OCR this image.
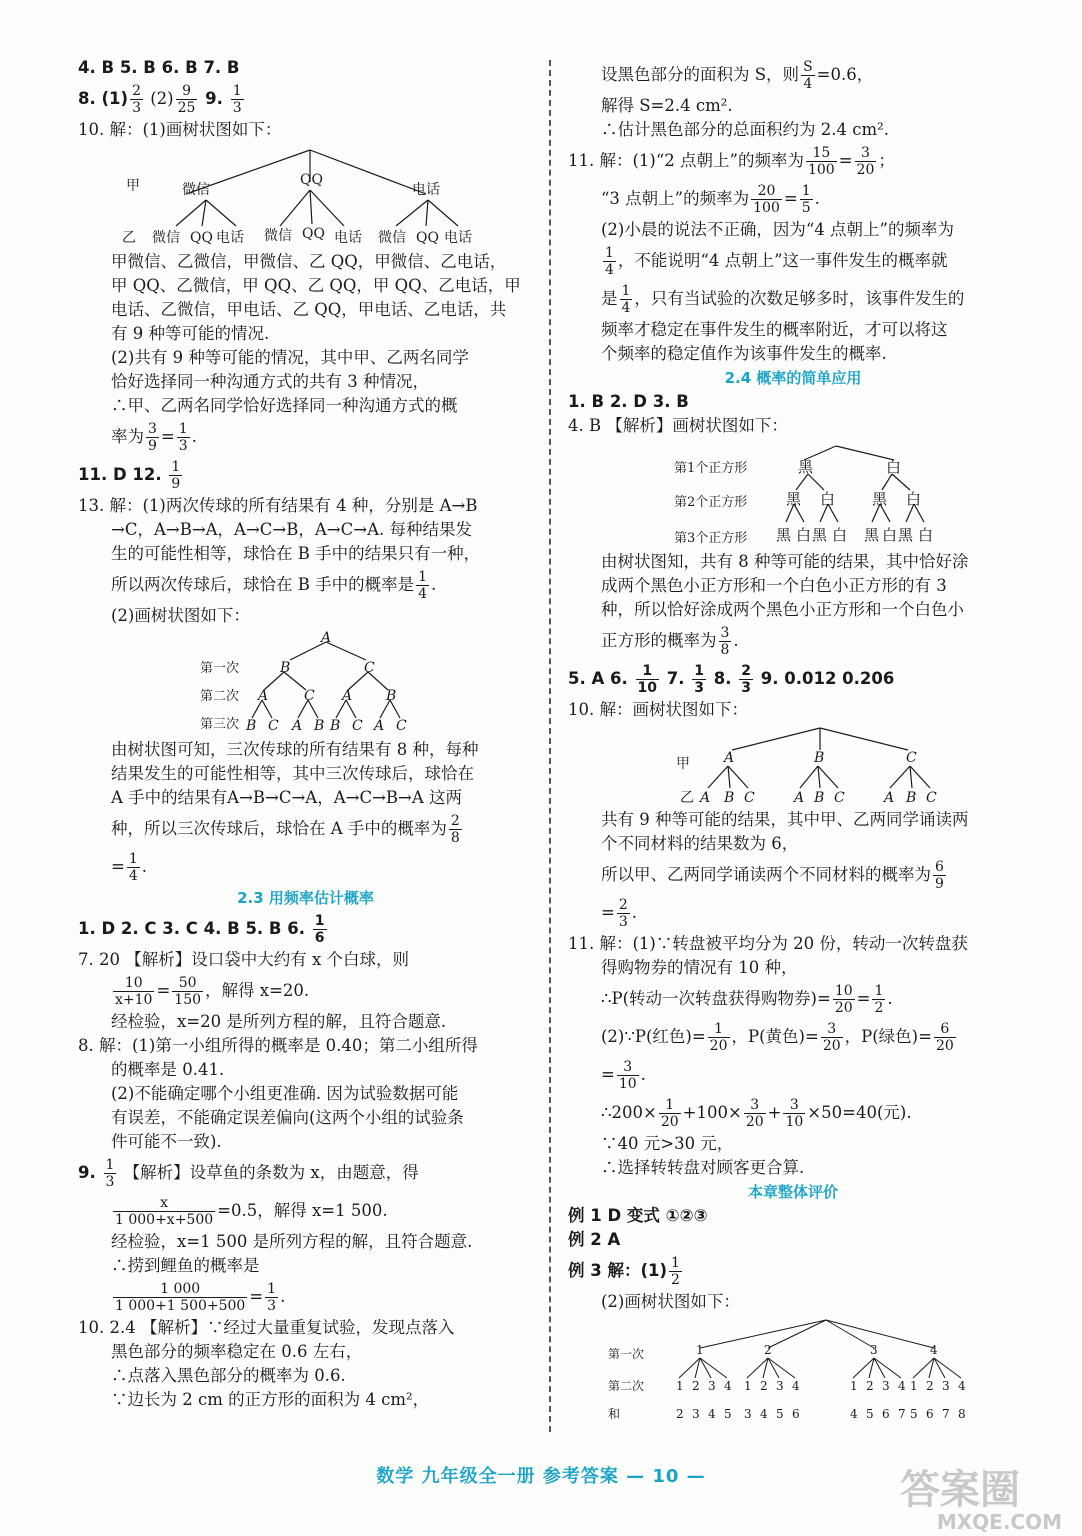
4. B 5. B 6. B 7. B
8. $(1) \frac{2}{3} (2) \frac{9}{25} 9$. $\frac{1}{3}$
10. 解：(1)画树状图如下：
甲	微信
QQ
电话
乙 微信 QQ 电话 微信 QQ 电话 微信 QQ 电话
甲微信、乙微信，甲微信、乙 QQ，甲微信、乙电话，
甲 QQ、乙微信，甲 QQ、乙 QQ，甲 QQ、乙电话，甲
电话、乙微信，甲电话、乙 QQ，甲电话、乙电话，共
有 9 种等可能的情况.
(2)共有 9 种等可能的情况，其中甲、乙两名同学
恰好选择同一种沟通方式的共有 3 种情况，
∴甲、乙两名同学恰好选择同一种沟通方式的概
率为 $\frac{3}{9} = \frac{1}{3}$ .
11. D 12. $\frac{1}{9}$
13. 解：(1)两次传球的所有结果有 4 种，分别是 A→B
→C，A→B→A，A→C→B，A→C→A. 每种结果发
生的可能性相等，球恰在 B 手中的结果只有一种，
所以两次传球后，球恰在 B 手中的概率是 $\frac{1}{4}$ .
(2)画树状图如下：
第一次
第二次
第三次
A
B	C
A	C A B
B C A B B C A C
由树状图可知，三次传球的所有结果有 8 种，每种
结果发生的可能性相等，其中三次传球后，球恰在
A 手中的结果有A→B→C→A，A→C→B→A 这两
种，所以三次传球后，球恰在 A 手中的概率为 $\frac{2}{8}$
= $\frac{1}{4}$ .
2.3 用频率估计概率
1. D 2. C 3. C 4. B 5. B 6. $\frac{1}{6}$
7. 20 【解析】设口袋中大约有 x 个白球，则
$\frac{10}{x+10} = \frac{50}{150}$ ，解得 x=20.
经检验，x=20 是所列方程的解，且符合题意.
8. 解：(1)第一小组所得的概率是 0.40；第二小组所得
的概率是 0.41.
(2)不能确定哪个小组更准确. 因为试验数据可能
有误差，不能确定误差偏向(这两个小组的试验条
件可能不一致).
9. $\frac{1}{3}$ 【解析】设草鱼的条数为 x，由题意，得
$\frac{x}{1 000+x+500} =0.5$，解得 x=1 500.
经检验，x=1 500 是所列方程的解，且符合题意.
∴捞到鲤鱼的概率是
$\frac{1 000}{1 000+1 500+500} = \frac{1}{3}$ .
10. 2.4 【解析】∵经过大量重复试验，发现点落入
黑色部分的频率稳定在 0.6 左右，
∴点落入黑色部分的概率为 0.6.
∵边长为 2 cm 的正方形的面积为 4 cm²，
设黑色部分的面积为 S，则 $\frac{S}{4} =0.6$，
解得 S=2.4 cm².
∴估计黑色部分的总面积约为 2.4 cm².
11. 解：(1)“2 点朝上”的频率为 $\frac{15}{100} = \frac{3}{20}$ ；
“3 点朝上”的频率为 $\frac{20}{100} = \frac{1}{5}$ .
(2)小晨的说法不正确，因为“4 点朝上”的频率为
$\frac{1}{4}$ ，不能说明“4 点朝上”这一事件发生的概率就
是 $\frac{1}{4}$ ，只有当试验的次数足够多时，该事件发生的
频率才稳定在事件发生的概率附近，才可以将这
个频率的稳定值作为该事件发生的概率.
2.4 概率的简单应用
1. B 2. D 3. B
4. B 【解析】画树状图如下：
第1个正方形
第2个正方形
第3个正方形
黑	白
黑 白 黑 白
黑 白 黑 白 黑 白 黑 白
由树状图知，共有 8 种等可能的结果，其中恰好涂
成两个黑色小正方形和一个白色小正方形的有 3
种，所以恰好涂成两个黑色小正方形和一个白色小
正方形的概率为 $\frac{3}{8}$ .
5. A 6. $\frac{1}{10} 7$. $\frac{1}{3} 8$. $\frac{2}{3} 9$. 0.012 0.206
10. 解：画树状图如下：
甲 A	B	C
乙 A B C	A B C	A B C
共有 9 种等可能的结果，其中甲、乙两同学诵读两
个不同材料的结果数为 6，
所以甲、乙两同学诵读两个不同材料的概率为 $\frac{6}{9}$
= $\frac{2}{3}$ .
11. 解：(1)∵转盘被平均分为 20 份，转动一次转盘获
得购物券的情况有 10 种，
∴P(转动一次转盘获得购物券)= $\frac{10}{20} = \frac{1}{2}$ .
(2)∵P(红色)= $\frac{1}{20}$ ，P(黄色)= $\frac{3}{20}$ ，P(绿色)= $\frac{6}{20}$
= $\frac{3}{10}$ .
∴200× $\frac{1}{20} +100\times \frac{3}{20} + \frac{3}{10} \times 50=40$(元).
∵40 元>30 元，
∴选择转转盘对顾客更合算.
本章整体评价
例 1 D 变式 ①②③
例 2 A
例 3 解：$(1) \frac{1}{2}$
(2)画树状图如下：
第一次
第二次
和
1
1
2
2
3
3
4
4
5
2
1
3
2
4
3
5
4
6
3
1
4
2
5
3
6
4
7
4
1
5
2
6
3
7
4
8
数学 九年级全一册 参考答案 — 10 —	答案圈
MXQE.COM
